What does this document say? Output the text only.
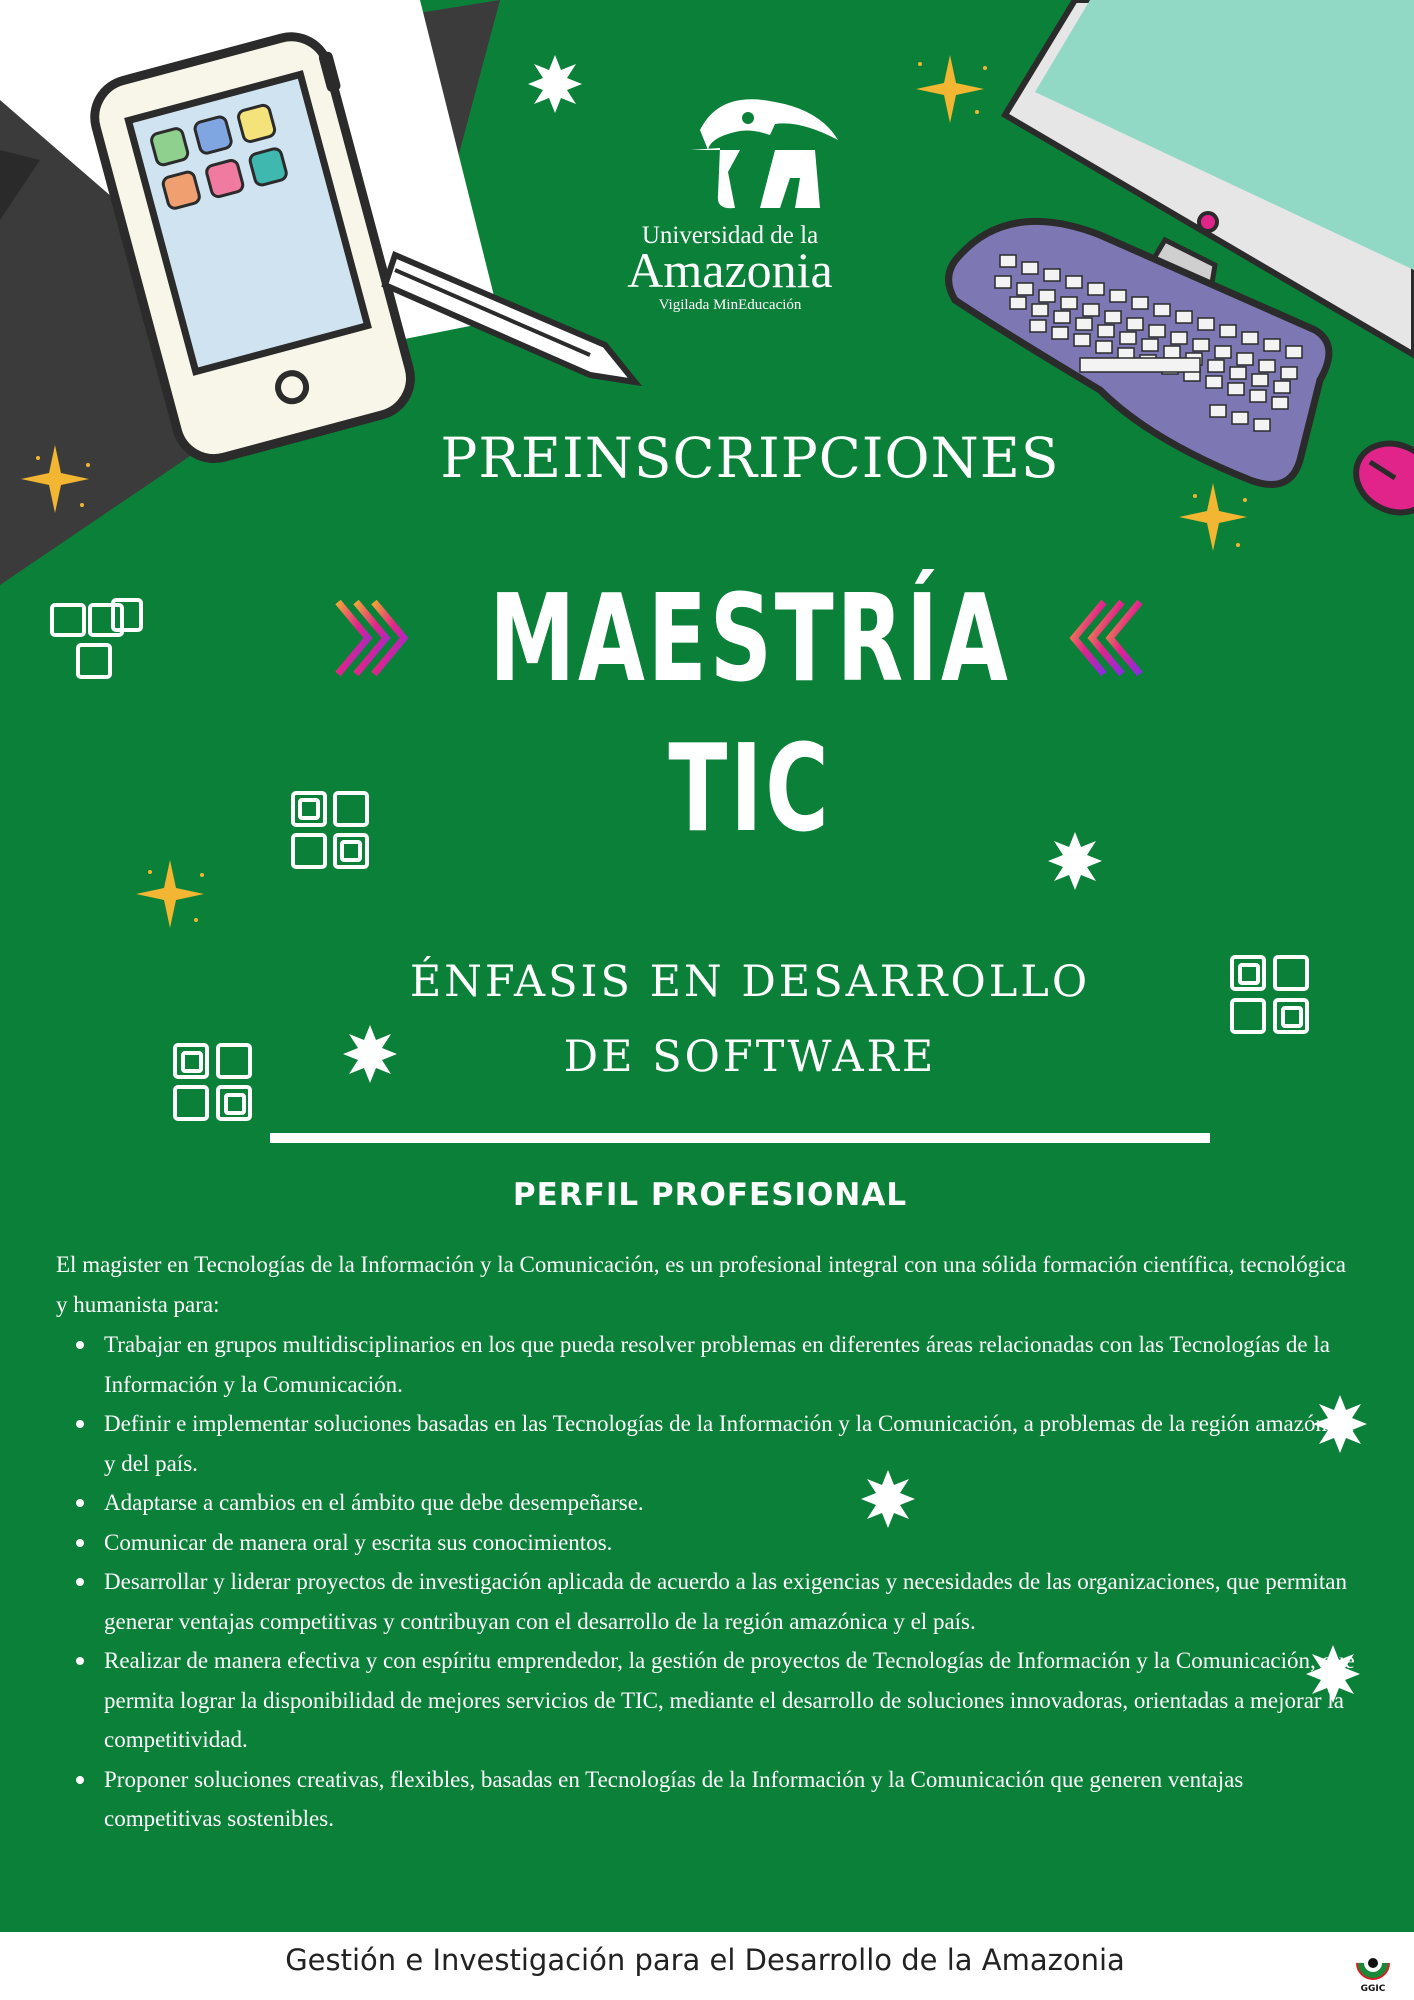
Universidad de la
Amazonia
Vigilada MinEducación
PREINSCRIPCIONES
MAESTRÍA
TIC
ÉNFASIS EN DESARROLLO
DE SOFTWARE
PERFIL PROFESIONAL
El magister en Tecnologías de la Información y la Comunicación, es un profesional integral con una sólida formación científica, tecnológica y humanista para:
Trabajar en grupos multidisciplinarios en los que pueda resolver problemas en diferentes áreas relacionadas con las Tecnologías de la Información y la Comunicación.
Definir e implementar soluciones basadas en las Tecnologías de la Información y la Comunicación, a problemas de la región amazónica y del país.
Adaptarse a cambios en el ámbito que debe desempeñarse.
Comunicar de manera oral y escrita sus conocimientos.
Desarrollar y liderar proyectos de investigación aplicada de acuerdo a las exigencias y necesidades de las organizaciones, que permitan generar ventajas competitivas y contribuyan con el desarrollo de la región amazónica y el país.
Realizar de manera efectiva y con espíritu emprendedor, la gestión de proyectos de Tecnologías de Información y la Comunicación, que permita lograr la disponibilidad de mejores servicios de TIC, mediante el desarrollo de soluciones innovadoras, orientadas a mejorar la competitividad.
Proponer soluciones creativas, flexibles, basadas en Tecnologías de la Información y la Comunicación que generen ventajas competitivas sostenibles.
Gestión e Investigación para el Desarrollo de la Amazonia
GGIC
